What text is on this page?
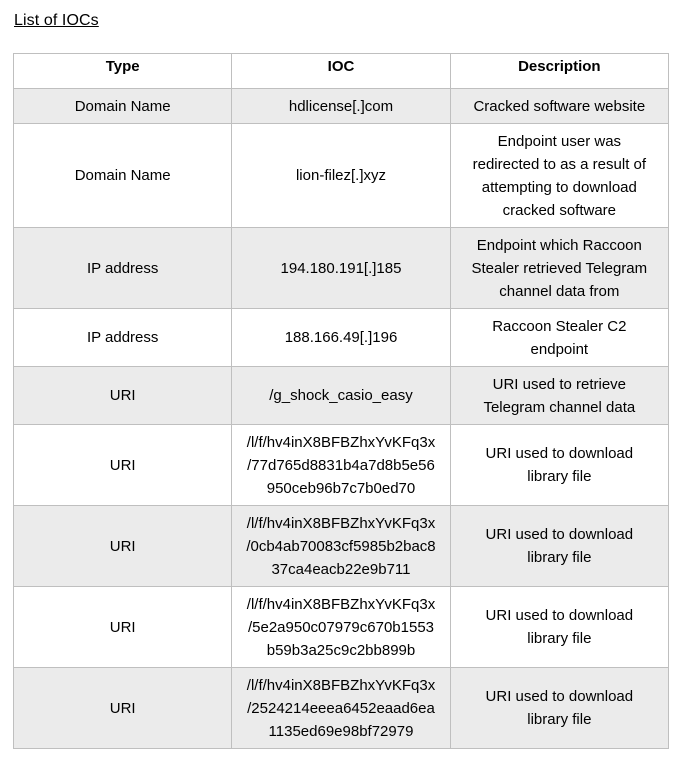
List of IOCs
Type	IOC	Description
Domain Name	hdlicense[.]com	Cracked software website

Domain Name	lion-filez[.]xyz	Endpoint user was
redirected to as a result of
attempting to download
cracked software

IP address	194.180.191[.]185	Endpoint which Raccoon
Stealer retrieved Telegram
channel data from

IP address	188.166.49[.]196	Raccoon Stealer C2
endpoint

URI	/g_shock_casio_easy	URI used to retrieve
Telegram channel data

URI	/l/f/hv4inX8BFBZhxYvKFq3x
/77d765d8831b4a7d8b5e56
950ceb96b7c7b0ed70	URI used to download
library file

URI	/l/f/hv4inX8BFBZhxYvKFq3x
/0cb4ab70083cf5985b2bac8
37ca4eacb22e9b711	URI used to download
library file

URI	/l/f/hv4inX8BFBZhxYvKFq3x
/5e2a950c07979c670b1553
b59b3a25c9c2bb899b	URI used to download
library file

URI	/l/f/hv4inX8BFBZhxYvKFq3x
/2524214eeea6452eaad6ea
1135ed69e98bf72979	URI used to download
library file
